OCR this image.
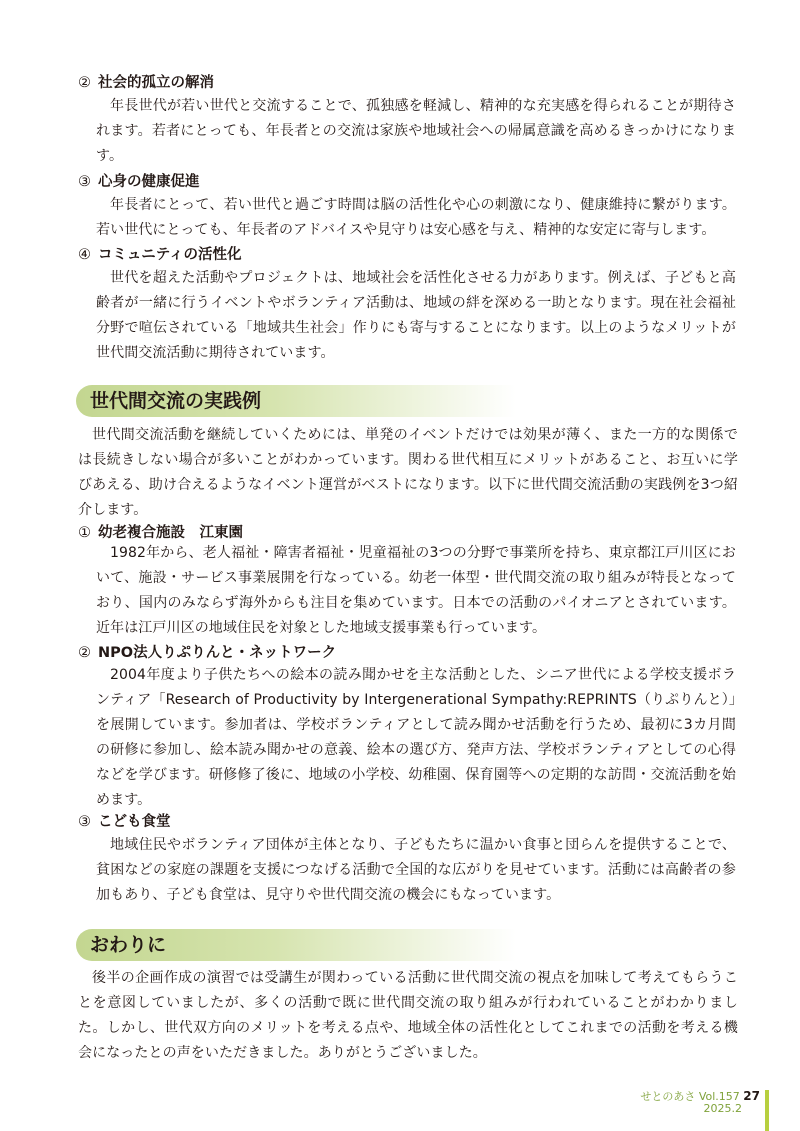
② 社会的孤立の解消
年長世代が若い世代と交流することで、孤独感を軽減し、精神的な充実感を得られることが期待されます。若者にとっても、年長者との交流は家族や地域社会への帰属意識を高めるきっかけになります。
③ 心身の健康促進
年長者にとって、若い世代と過ごす時間は脳の活性化や心の刺激になり、健康維持に繋がります。若い世代にとっても、年長者のアドバイスや見守りは安心感を与え、精神的な安定に寄与します。
④ コミュニティの活性化
世代を超えた活動やプロジェクトは、地域社会を活性化させる力があります。例えば、子どもと高齢者が一緒に行うイベントやボランティア活動は、地域の絆を深める一助となります。現在社会福祉分野で喧伝されている「地域共生社会」作りにも寄与することになります。以上のようなメリットが世代間交流活動に期待されています。
世代間交流の実践例
世代間交流活動を継続していくためには、単発のイベントだけでは効果が薄く、また一方的な関係では長続きしない場合が多いことがわかっています。関わる世代相互にメリットがあること、お互いに学びあえる、助け合えるようなイベント運営がベストになります。以下に世代間交流活動の実践例を3つ紹介します。
① 幼老複合施設　江東園
1982年から、老人福祉・障害者福祉・児童福祉の3つの分野で事業所を持ち、東京都江戸川区において、施設・サービス事業展開を行なっている。幼老一体型・世代間交流の取り組みが特長となっており、国内のみならず海外からも注目を集めています。日本での活動のパイオニアとされています。近年は江戸川区の地域住民を対象とした地域支援事業も行っています。
② NPO法人りぷりんと・ネットワーク
2004年度より子供たちへの絵本の読み聞かせを主な活動とした、シニア世代による学校支援ボランティア「Research of Productivity by Intergenerational Sympathy:REPRINTS（りぷりんと）」を展開しています。参加者は、学校ボランティアとして読み聞かせ活動を行うため、最初に3カ月間の研修に参加し、絵本読み聞かせの意義、絵本の選び方、発声方法、学校ボランティアとしての心得などを学びます。研修修了後に、地域の小学校、幼稚園、保育園等への定期的な訪問・交流活動を始めます。
③ こども食堂
地域住民やボランティア団体が主体となり、子どもたちに温かい食事と団らんを提供することで、貧困などの家庭の課題を支援につなげる活動で全国的な広がりを見せています。活動には高齢者の参加もあり、子ども食堂は、見守りや世代間交流の機会にもなっています。
おわりに
後半の企画作成の演習では受講生が関わっている活動に世代間交流の視点を加味して考えてもらうことを意図していましたが、多くの活動で既に世代間交流の取り組みが行われていることがわかりました。しかし、世代双方向のメリットを考える点や、地域全体の活性化としてこれまでの活動を考える機会になったとの声をいただきました。ありがとうございました。
せとのあさ Vol.157 27
2025.2
